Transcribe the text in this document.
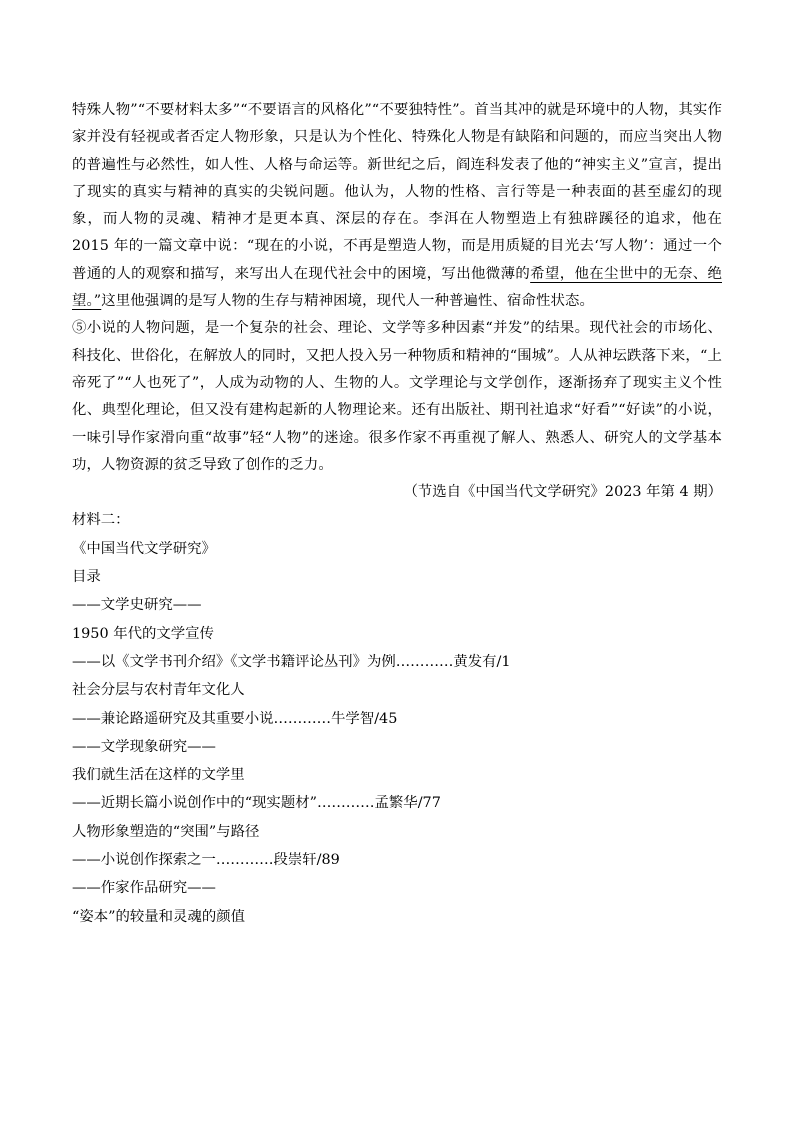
特殊人物”“不要材料太多”“不要语言的风格化”“不要独特性”。首当其冲的就是环境中的人物，其实作家并没有轻视或者否定人物形象，只是认为个性化、特殊化人物是有缺陷和问题的，而应当突出人物的普遍性与必然性，如人性、人格与命运等。新世纪之后，阎连科发表了他的“神实主义”宣言，提出了现实的真实与精神的真实的尖锐问题。他认为，人物的性格、言行等是一种表面的甚至虚幻的现象，而人物的灵魂、精神才是更本真、深层的存在。李洱在人物塑造上有独辟蹊径的追求，他在 2015 年的一篇文章中说：“现在的小说，不再是塑造人物，而是用质疑的目光去‘写人物’：通过一个普通的人的观察和描写，来写出人在现代社会中的困境，写出他微薄的希望，他在尘世中的无奈、绝望。”这里他强调的是写人物的生存与精神困境，现代人一种普遍性、宿命性状态。

⑤小说的人物问题，是一个复杂的社会、理论、文学等多种因素“并发”的结果。现代社会的市场化、科技化、世俗化，在解放人的同时，又把人投入另一种物质和精神的“围城”。人从神坛跌落下来，“上帝死了”“人也死了”，人成为动物的人、生物的人。文学理论与文学创作，逐渐扬弃了现实主义个性化、典型化理论，但又没有建构起新的人物理论来。还有出版社、期刊社追求“好看”“好读”的小说，一味引导作家滑向重“故事”轻“人物”的迷途。很多作家不再重视了解人、熟悉人、研究人的文学基本功，人物资源的贫乏导致了创作的乏力。

（节选自《中国当代文学研究》2023 年第 4 期）

材料二：

《中国当代文学研究》

目录

——文学史研究——

1950 年代的文学宣传

——以《文学书刊介绍》《文学书籍评论丛刊》为例…………黄发有/1

社会分层与农村青年文化人

——兼论路遥研究及其重要小说…………牛学智/45

——文学现象研究——

我们就生活在这样的文学里

——近期长篇小说创作中的“现实题材”…………孟繁华/77

人物形象塑造的“突围”与路径

——小说创作探索之一…………段崇轩/89

——作家作品研究——

“姿本”的较量和灵魂的颜值
